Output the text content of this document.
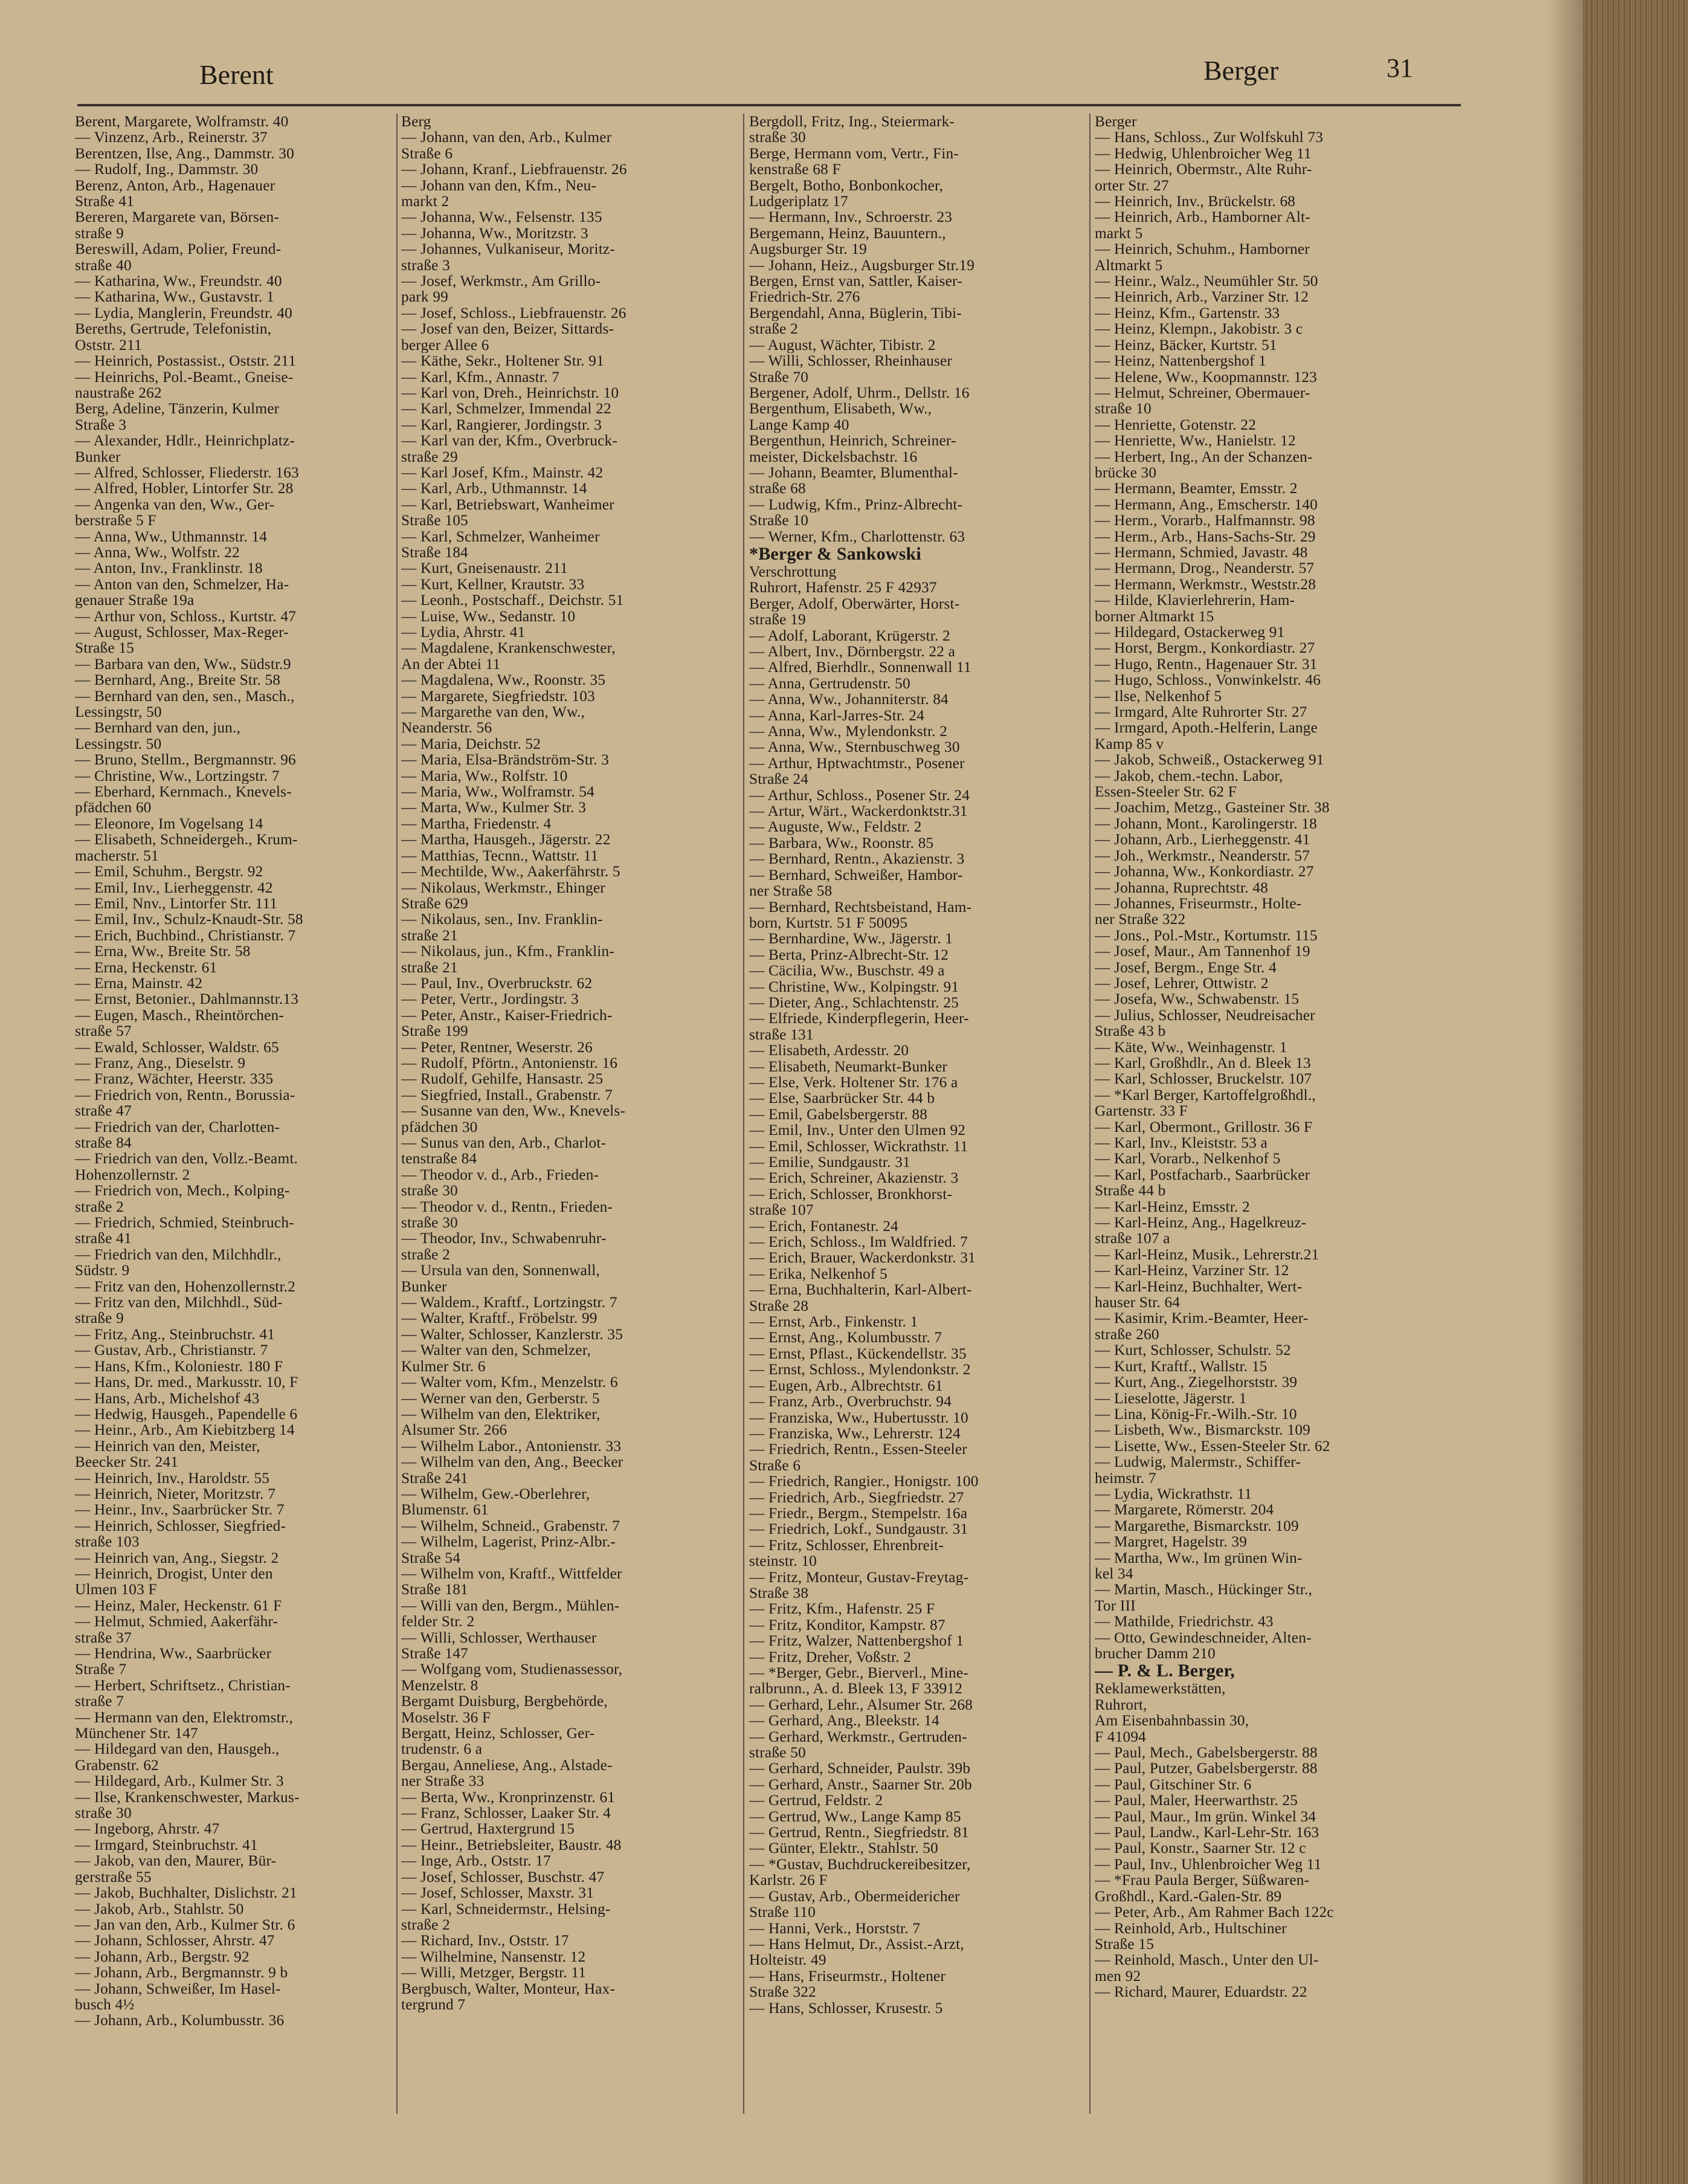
Berent	Berger	31
Berent, Margarete, Wolframstr. 40
— Vinzenz, Arb., Reinerstr. 37
Berentzen, Ilse, Ang., Dammstr. 30
— Rudolf, Ing., Dammstr. 30
Berenz, Anton, Arb., Hagenauer
Straße 41
Bereren, Margarete van, Börsen-
straße 9
Bereswill, Adam, Polier, Freund-
straße 40
— Katharina, Ww., Freundstr. 40
— Katharina, Ww., Gustavstr. 1
— Lydia, Manglerin, Freundstr. 40
Bereths, Gertrude, Telefonistin,
Oststr. 211
— Heinrich, Postassist., Oststr. 211
— Heinrichs, Pol.-Beamt., Gneise-
naustraße 262
Berg, Adeline, Tänzerin, Kulmer
Straße 3
— Alexander, Hdlr., Heinrichplatz-
Bunker
— Alfred, Schlosser, Fliederstr. 163
— Alfred, Hobler, Lintorfer Str. 28
— Angenka van den, Ww., Ger-
berstraße 5 F
— Anna, Ww., Uthmannstr. 14
— Anna, Ww., Wolfstr. 22
— Anton, Inv., Franklinstr. 18
— Anton van den, Schmelzer, Ha-
genauer Straße 19a
— Arthur von, Schloss., Kurtstr. 47
— August, Schlosser, Max-Reger-
Straße 15
— Barbara van den, Ww., Südstr.9
— Bernhard, Ang., Breite Str. 58
— Bernhard van den, sen., Masch.,
Lessingstr, 50
— Bernhard van den, jun.,
Lessingstr. 50
— Bruno, Stellm., Bergmannstr. 96
— Christine, Ww., Lortzingstr. 7
— Eberhard, Kernmach., Knevels-
pfädchen 60
— Eleonore, Im Vogelsang 14
— Elisabeth, Schneidergeh., Krum-
macherstr. 51
— Emil, Schuhm., Bergstr. 92
— Emil, Inv., Lierheggenstr. 42
— Emil, Nnv., Lintorfer Str. 111
— Emil, Inv., Schulz-Knaudt-Str. 58
— Erich, Buchbind., Christianstr. 7
— Erna, Ww., Breite Str. 58
— Erna, Heckenstr. 61
— Erna, Mainstr. 42
— Ernst, Betonier., Dahlmannstr.13
— Eugen, Masch., Rheintörchen-
straße 57
— Ewald, Schlosser, Waldstr. 65
— Franz, Ang., Dieselstr. 9
— Franz, Wächter, Heerstr. 335
— Friedrich von, Rentn., Borussia-
straße 47
— Friedrich van der, Charlotten-
straße 84
— Friedrich van den, Vollz.-Beamt.
Hohenzollernstr. 2
— Friedrich von, Mech., Kolping-
straße 2
— Friedrich, Schmied, Steinbruch-
straße 41
— Friedrich van den, Milchhdlr.,
Südstr. 9
— Fritz van den, Hohenzollernstr.2
— Fritz van den, Milchhdl., Süd-
straße 9
— Fritz, Ang., Steinbruchstr. 41
— Gustav, Arb., Christianstr. 7
— Hans, Kfm., Koloniestr. 180 F
— Hans, Dr. med., Markusstr. 10, F
— Hans, Arb., Michelshof 43
— Hedwig, Hausgeh., Papendelle 6
— Heinr., Arb., Am Kiebitzberg 14
— Heinrich van den, Meister,
Beecker Str. 241
— Heinrich, Inv., Haroldstr. 55
— Heinrich, Nieter, Moritzstr. 7
— Heinr., Inv., Saarbrücker Str. 7
— Heinrich, Schlosser, Siegfried-
straße 103
— Heinrich van, Ang., Siegstr. 2
— Heinrich, Drogist, Unter den
Ulmen 103 F
— Heinz, Maler, Heckenstr. 61 F
— Helmut, Schmied, Aakerfähr-
straße 37
— Hendrina, Ww., Saarbrücker
Straße 7
— Herbert, Schriftsetz., Christian-
straße 7
— Hermann van den, Elektromstr.,
Münchener Str. 147
— Hildegard van den, Hausgeh.,
Grabenstr. 62
— Hildegard, Arb., Kulmer Str. 3
— Ilse, Krankenschwester, Markus-
straße 30
— Ingeborg, Ahrstr. 47
— Irmgard, Steinbruchstr. 41
— Jakob, van den, Maurer, Bür-
gerstraße 55
— Jakob, Buchhalter, Dislichstr. 21
— Jakob, Arb., Stahlstr. 50
— Jan van den, Arb., Kulmer Str. 6
— Johann, Schlosser, Ahrstr. 47
— Johann, Arb., Bergstr. 92
— Johann, Arb., Bergmannstr. 9 b
— Johann, Schweißer, Im Hasel-
busch 4½
— Johann, Arb., Kolumbusstr. 36
Berg
— Johann, van den, Arb., Kulmer
Straße 6
— Johann, Kranf., Liebfrauenstr. 26
— Johann van den, Kfm., Neu-
markt 2
— Johanna, Ww., Felsenstr. 135
— Johanna, Ww., Moritzstr. 3
— Johannes, Vulkaniseur, Moritz-
straße 3
— Josef, Werkmstr., Am Grillo-
park 99
— Josef, Schloss., Liebfrauenstr. 26
— Josef van den, Beizer, Sittards-
berger Allee 6
— Käthe, Sekr., Holtener Str. 91
— Karl, Kfm., Annastr. 7
— Karl von, Dreh., Heinrichstr. 10
— Karl, Schmelzer, Immendal 22
— Karl, Rangierer, Jordingstr. 3
— Karl van der, Kfm., Overbruck-
straße 29
— Karl Josef, Kfm., Mainstr. 42
— Karl, Arb., Uthmannstr. 14
— Karl, Betriebswart, Wanheimer
Straße 105
— Karl, Schmelzer, Wanheimer
Straße 184
— Kurt, Gneisenaustr. 211
— Kurt, Kellner, Krautstr. 33
— Leonh., Postschaff., Deichstr. 51
— Luise, Ww., Sedanstr. 10
— Lydia, Ahrstr. 41
— Magdalene, Krankenschwester,
An der Abtei 11
— Magdalena, Ww., Roonstr. 35
— Margarete, Siegfriedstr. 103
— Margarethe van den, Ww.,
Neanderstr. 56
— Maria, Deichstr. 52
— Maria, Elsa-Brändström-Str. 3
— Maria, Ww., Rolfstr. 10
— Maria, Ww., Wolframstr. 54
— Marta, Ww., Kulmer Str. 3
— Martha, Friedenstr. 4
— Martha, Hausgeh., Jägerstr. 22
— Matthias, Tecnn., Wattstr. 11
— Mechtilde, Ww., Aakerfährstr. 5
— Nikolaus, Werkmstr., Ehinger
Straße 629
— Nikolaus, sen., Inv. Franklin-
straße 21
— Nikolaus, jun., Kfm., Franklin-
straße 21
— Paul, Inv., Overbruckstr. 62
— Peter, Vertr., Jordingstr. 3
— Peter, Anstr., Kaiser-Friedrich-
Straße 199
— Peter, Rentner, Weserstr. 26
— Rudolf, Pförtn., Antonienstr. 16
— Rudolf, Gehilfe, Hansastr. 25
— Siegfried, Install., Grabenstr. 7
— Susanne van den, Ww., Knevels-
pfädchen 30
— Sunus van den, Arb., Charlot-
tenstraße 84
— Theodor v. d., Arb., Frieden-
straße 30
— Theodor v. d., Rentn., Frieden-
straße 30
— Theodor, Inv., Schwabenruhr-
straße 2
— Ursula van den, Sonnenwall,
Bunker
— Waldem., Kraftf., Lortzingstr. 7
— Walter, Kraftf., Fröbelstr. 99
— Walter, Schlosser, Kanzlerstr. 35
— Walter van den, Schmelzer,
Kulmer Str. 6
— Walter vom, Kfm., Menzelstr. 6
— Werner van den, Gerberstr. 5
— Wilhelm van den, Elektriker,
Alsumer Str. 266
— Wilhelm Labor., Antonienstr. 33
— Wilhelm van den, Ang., Beecker
Straße 241
— Wilhelm, Gew.-Oberlehrer,
Blumenstr. 61
— Wilhelm, Schneid., Grabenstr. 7
— Wilhelm, Lagerist, Prinz-Albr.-
Straße 54
— Wilhelm von, Kraftf., Wittfelder
Straße 181
— Willi van den, Bergm., Mühlen-
felder Str. 2
— Willi, Schlosser, Werthauser
Straße 147
— Wolfgang vom, Studienassessor,
Menzelstr. 8
Bergamt Duisburg, Bergbehörde,
Moselstr. 36 F
Bergatt, Heinz, Schlosser, Ger-
trudenstr. 6 a
Bergau, Anneliese, Ang., Alstade-
ner Straße 33
— Berta, Ww., Kronprinzenstr. 61
— Franz, Schlosser, Laaker Str. 4
— Gertrud, Haxtergrund 15
— Heinr., Betriebsleiter, Baustr. 48
— Inge, Arb., Oststr. 17
— Josef, Schlosser, Buschstr. 47
— Josef, Schlosser, Maxstr. 31
— Karl, Schneidermstr., Helsing-
straße 2
— Richard, Inv., Oststr. 17
— Wilhelmine, Nansenstr. 12
— Willi, Metzger, Bergstr. 11
Bergbusch, Walter, Monteur, Hax-
tergrund 7
Bergdoll, Fritz, Ing., Steiermark-
straße 30
Berge, Hermann vom, Vertr., Fin-
kenstraße 68 F
Bergelt, Botho, Bonbonkocher,
Ludgeriplatz 17
— Hermann, Inv., Schroerstr. 23
Bergemann, Heinz, Bauuntern.,
Augsburger Str. 19
— Johann, Heiz., Augsburger Str.19
Bergen, Ernst van, Sattler, Kaiser-
Friedrich-Str. 276
Bergendahl, Anna, Büglerin, Tibi-
straße 2
— August, Wächter, Tibistr. 2
— Willi, Schlosser, Rheinhauser
Straße 70
Bergener, Adolf, Uhrm., Dellstr. 16
Bergenthum, Elisabeth, Ww.,
Lange Kamp 40
Bergenthun, Heinrich, Schreiner-
meister, Dickelsbachstr. 16
— Johann, Beamter, Blumenthal-
straße 68
— Ludwig, Kfm., Prinz-Albrecht-
Straße 10
— Werner, Kfm., Charlottenstr. 63
*Berger & Sankowski
Verschrottung
Ruhrort, Hafenstr. 25 F 42937
Berger, Adolf, Oberwärter, Horst-
straße 19
— Adolf, Laborant, Krügerstr. 2
— Albert, Inv., Dörnbergstr. 22 a
— Alfred, Bierhdlr., Sonnenwall 11
— Anna, Gertrudenstr. 50
— Anna, Ww., Johanniterstr. 84
— Anna, Karl-Jarres-Str. 24
— Anna, Ww., Mylendonkstr. 2
— Anna, Ww., Sternbuschweg 30
— Arthur, Hptwachtmstr., Posener
Straße 24
— Arthur, Schloss., Posener Str. 24
— Artur, Wärt., Wackerdonktstr.31
— Auguste, Ww., Feldstr. 2
— Barbara, Ww., Roonstr. 85
— Bernhard, Rentn., Akazienstr. 3
— Bernhard, Schweißer, Hambor-
ner Straße 58
— Bernhard, Rechtsbeistand, Ham-
born, Kurtstr. 51 F 50095
— Bernhardine, Ww., Jägerstr. 1
— Berta, Prinz-Albrecht-Str. 12
— Cäcilia, Ww., Buschstr. 49 a
— Christine, Ww., Kolpingstr. 91
— Dieter, Ang., Schlachtenstr. 25
— Elfriede, Kinderpflegerin, Heer-
straße 131
— Elisabeth, Ardesstr. 20
— Elisabeth, Neumarkt-Bunker
— Else, Verk. Holtener Str. 176 a
— Else, Saarbrücker Str. 44 b
— Emil, Gabelsbergerstr. 88
— Emil, Inv., Unter den Ulmen 92
— Emil, Schlosser, Wickrathstr. 11
— Emilie, Sundgaustr. 31
— Erich, Schreiner, Akazienstr. 3
— Erich, Schlosser, Bronkhorst-
straße 107
— Erich, Fontanestr. 24
— Erich, Schloss., Im Waldfried. 7
— Erich, Brauer, Wackerdonkstr. 31
— Erika, Nelkenhof 5
— Erna, Buchhalterin, Karl-Albert-
Straße 28
— Ernst, Arb., Finkenstr. 1
— Ernst, Ang., Kolumbusstr. 7
— Ernst, Pflast., Kückendellstr. 35
— Ernst, Schloss., Mylendonkstr. 2
— Eugen, Arb., Albrechtstr. 61
— Franz, Arb., Overbruchstr. 94
— Franziska, Ww., Hubertusstr. 10
— Franziska, Ww., Lehrerstr. 124
— Friedrich, Rentn., Essen-Steeler
Straße 6
— Friedrich, Rangier., Honigstr. 100
— Friedrich, Arb., Siegfriedstr. 27
— Friedr., Bergm., Stempelstr. 16a
— Friedrich, Lokf., Sundgaustr. 31
— Fritz, Schlosser, Ehrenbreit-
steinstr. 10
— Fritz, Monteur, Gustav-Freytag-
Straße 38
— Fritz, Kfm., Hafenstr. 25 F
— Fritz, Konditor, Kampstr. 87
— Fritz, Walzer, Nattenbergshof 1
— Fritz, Dreher, Voßstr. 2
— *Berger, Gebr., Bierverl., Mine-
ralbrunn., A. d. Bleek 13, F 33912
— Gerhard, Lehr., Alsumer Str. 268
— Gerhard, Ang., Bleekstr. 14
— Gerhard, Werkmstr., Gertruden-
straße 50
— Gerhard, Schneider, Paulstr. 39b
— Gerhard, Anstr., Saarner Str. 20b
— Gertrud, Feldstr. 2
— Gertrud, Ww., Lange Kamp 85
— Gertrud, Rentn., Siegfriedstr. 81
— Günter, Elektr., Stahlstr. 50
— *Gustav, Buchdruckereibesitzer,
Karlstr. 26 F
— Gustav, Arb., Obermeidericher
Straße 110
— Hanni, Verk., Horststr. 7
— Hans Helmut, Dr., Assist.-Arzt,
Holteistr. 49
— Hans, Friseurmstr., Holtener
Straße 322
— Hans, Schlosser, Krusestr. 5
Berger
— Hans, Schloss., Zur Wolfskuhl 73
— Hedwig, Uhlenbroicher Weg 11
— Heinrich, Obermstr., Alte Ruhr-
orter Str. 27
— Heinrich, Inv., Brückelstr. 68
— Heinrich, Arb., Hamborner Alt-
markt 5
— Heinrich, Schuhm., Hamborner
Altmarkt 5
— Heinr., Walz., Neumühler Str. 50
— Heinrich, Arb., Varziner Str. 12
— Heinz, Kfm., Gartenstr. 33
— Heinz, Klempn., Jakobistr. 3 c
— Heinz, Bäcker, Kurtstr. 51
— Heinz, Nattenbergshof 1
— Helene, Ww., Koopmannstr. 123
— Helmut, Schreiner, Obermauer-
straße 10
— Henriette, Gotenstr. 22
— Henriette, Ww., Hanielstr. 12
— Herbert, Ing., An der Schanzen-
brücke 30
— Hermann, Beamter, Emsstr. 2
— Hermann, Ang., Emscherstr. 140
— Herm., Vorarb., Halfmannstr. 98
— Herm., Arb., Hans-Sachs-Str. 29
— Hermann, Schmied, Javastr. 48
— Hermann, Drog., Neanderstr. 57
— Hermann, Werkmstr., Weststr.28
— Hilde, Klavierlehrerin, Ham-
borner Altmarkt 15
— Hildegard, Ostackerweg 91
— Horst, Bergm., Konkordiastr. 27
— Hugo, Rentn., Hagenauer Str. 31
— Hugo, Schloss., Vonwinkelstr. 46
— Ilse, Nelkenhof 5
— Irmgard, Alte Ruhrorter Str. 27
— Irmgard, Apoth.-Helferin, Lange
Kamp 85 v
— Jakob, Schweiß., Ostackerweg 91
— Jakob, chem.-techn. Labor,
Essen-Steeler Str. 62 F
— Joachim, Metzg., Gasteiner Str. 38
— Johann, Mont., Karolingerstr. 18
— Johann, Arb., Lierheggenstr. 41
— Joh., Werkmstr., Neanderstr. 57
— Johanna, Ww., Konkordiastr. 27
— Johanna, Ruprechtstr. 48
— Johannes, Friseurmstr., Holte-
ner Straße 322
— Jons., Pol.-Mstr., Kortumstr. 115
— Josef, Maur., Am Tannenhof 19
— Josef, Bergm., Enge Str. 4
— Josef, Lehrer, Ottwistr. 2
— Josefa, Ww., Schwabenstr. 15
— Julius, Schlosser, Neudreisacher
Straße 43 b
— Käte, Ww., Weinhagenstr. 1
— Karl, Großhdlr., An d. Bleek 13
— Karl, Schlosser, Bruckelstr. 107
— *Karl Berger, Kartoffelgroßhdl.,
Gartenstr. 33 F
— Karl, Obermont., Grillostr. 36 F
— Karl, Inv., Kleiststr. 53 a
— Karl, Vorarb., Nelkenhof 5
— Karl, Postfacharb., Saarbrücker
Straße 44 b
— Karl-Heinz, Emsstr. 2
— Karl-Heinz, Ang., Hagelkreuz-
straße 107 a
— Karl-Heinz, Musik., Lehrerstr.21
— Karl-Heinz, Varziner Str. 12
— Karl-Heinz, Buchhalter, Wert-
hauser Str. 64
— Kasimir, Krim.-Beamter, Heer-
straße 260
— Kurt, Schlosser, Schulstr. 52
— Kurt, Kraftf., Wallstr. 15
— Kurt, Ang., Ziegelhorststr. 39
— Lieselotte, Jägerstr. 1
— Lina, König-Fr.-Wilh.-Str. 10
— Lisbeth, Ww., Bismarckstr. 109
— Lisette, Ww., Essen-Steeler Str. 62
— Ludwig, Malermstr., Schiffer-
heimstr. 7
— Lydia, Wickrathstr. 11
— Margarete, Römerstr. 204
— Margarethe, Bismarckstr. 109
— Margret, Hagelstr. 39
— Martha, Ww., Im grünen Win-
kel 34
— Martin, Masch., Hückinger Str.,
Tor III
— Mathilde, Friedrichstr. 43
— Otto, Gewindeschneider, Alten-
brucher Damm 210
— P. & L. Berger,
Reklamewerkstätten,
Ruhrort,
Am Eisenbahnbassin 30,
F 41094
— Paul, Mech., Gabelsbergerstr. 88
— Paul, Putzer, Gabelsbergerstr. 88
— Paul, Gitschiner Str. 6
— Paul, Maler, Heerwarthstr. 25
— Paul, Maur., Im grün. Winkel 34
— Paul, Landw., Karl-Lehr-Str. 163
— Paul, Konstr., Saarner Str. 12 c
— Paul, Inv., Uhlenbroicher Weg 11
— *Frau Paula Berger, Süßwaren-
Großhdl., Kard.-Galen-Str. 89
— Peter, Arb., Am Rahmer Bach 122c
— Reinhold, Arb., Hultschiner
Straße 15
— Reinhold, Masch., Unter den Ul-
men 92
— Richard, Maurer, Eduardstr. 22
